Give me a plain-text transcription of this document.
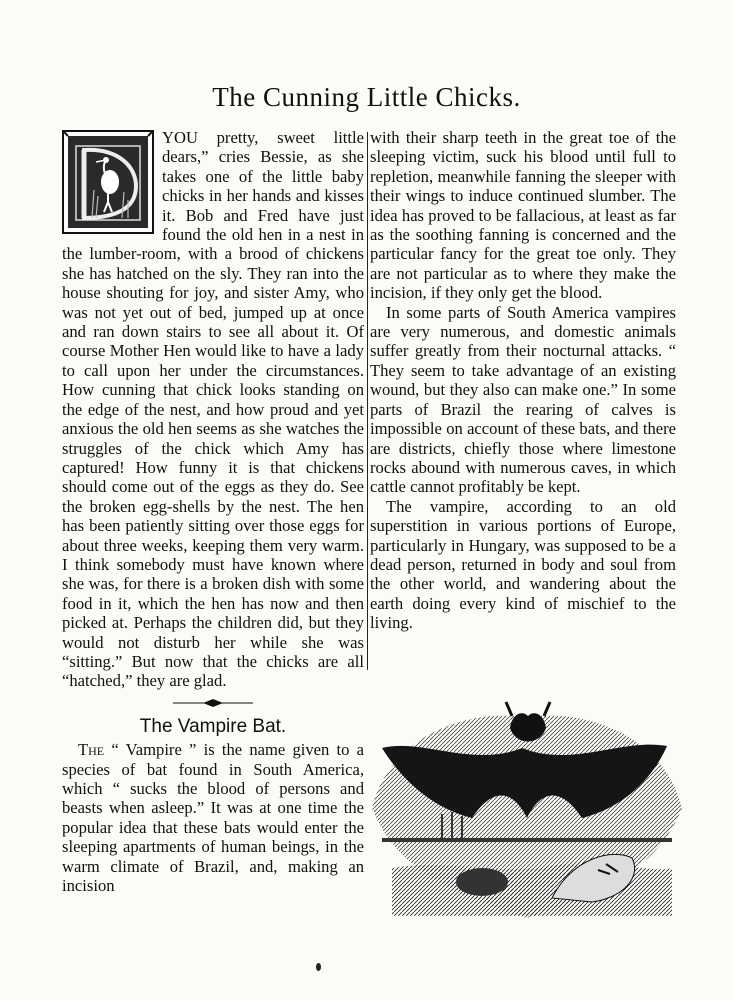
The Cunning Little Chicks.

YOU pretty, sweet little dears,” cries Bessie, as she takes one of the little baby chicks in her hands and kisses it. Bob and Fred have just found the old hen in a nest in the lumber-room, with a brood of chickens she has hatched on the sly. They ran into the house shouting for joy, and sister Amy, who was not yet out of bed, jumped up at once and ran down stairs to see all about it. Of course Mother Hen would like to have a lady to call upon her under the circumstances. How cunning that chick looks standing on the edge of the nest, and how proud and yet anxious the old hen seems as she watches the struggles of the chick which Amy has captured! How funny it is that chickens should come out of the eggs as they do. See the broken egg-shells by the nest. The hen has been patiently sitting over those eggs for about three weeks, keeping them very warm. I think somebody must have known where she was, for there is a broken dish with some food in it, which the hen has now and then picked at. Perhaps the children did, but they would not disturb her while she was “sitting.” But now that the chicks are all “hatched,” they are glad.

The Vampire Bat.

The “ Vampire ” is the name given to a species of bat found in South America, which “ sucks the blood of persons and beasts when asleep.” It was at one time the popular idea that these bats would enter the sleeping apartments of human beings, in the warm climate of Brazil, and, making an incision

with their sharp teeth in the great toe of the sleeping victim, suck his blood until full to repletion, meanwhile fanning the sleeper with their wings to induce continued slumber. The idea has proved to be fallacious, at least as far as the soothing fanning is concerned and the particular fancy for the great toe only. They are not particular as to where they make the incision, if they only get the blood.

In some parts of South America vampires are very numerous, and domestic animals suffer greatly from their nocturnal attacks. “ They seem to take advantage of an existing wound, but they also can make one.” In some parts of Brazil the rearing of calves is impossible on account of these bats, and there are districts, chiefly those where limestone rocks abound with numerous caves, in which cattle cannot profitably be kept.

The vampire, according to an old superstition in various portions of Europe, particularly in Hungary, was supposed to be a dead person, returned in body and soul from the other world, and wandering about the earth doing every kind of mischief to the living.
